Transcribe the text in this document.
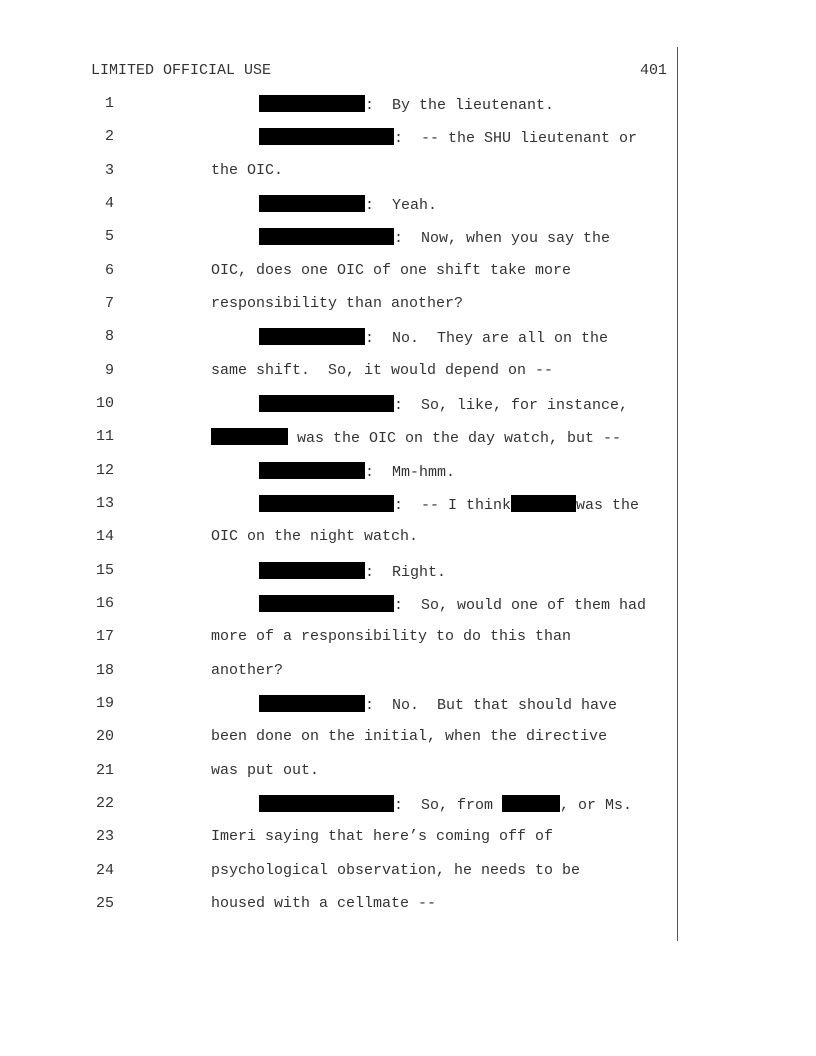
LIMITED OFFICIAL USE	401
1	:  By the lieutenant.
2	:  -- the SHU lieutenant or
3	the OIC.
4	:  Yeah.
5	:  Now, when you say the
6	OIC, does one OIC of one shift take more
7	responsibility than another?
8	:  No.  They are all on the
9	same shift.  So, it would depend on --
10	:  So, like, for instance,
11	was the OIC on the day watch, but --
12	:  Mm-hmm.
13	:  -- I think	was the
14	OIC on the night watch.
15	:  Right.
16	:  So, would one of them had
17	more of a responsibility to do this than
18	another?
19	:  No.  But that should have
20	been done on the initial, when the directive
21	was put out.
22	:  So, from	, or Ms.
23	Imeri saying that here’s coming off of
24	psychological observation, he needs to be
25	housed with a cellmate --
